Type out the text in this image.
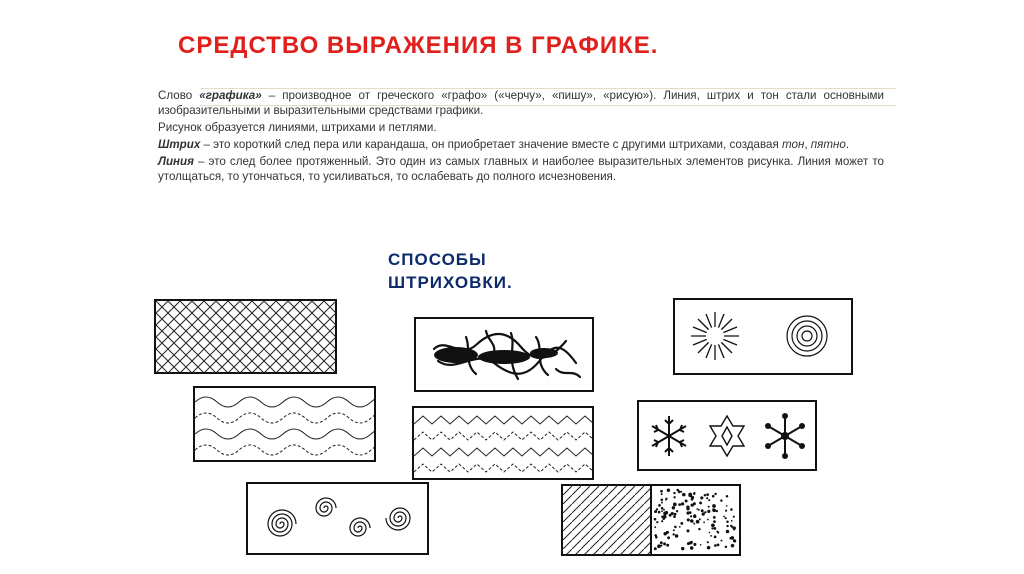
СРЕДСТВО ВЫРАЖЕНИЯ В ГРАФИКЕ.

Слово «графика» – производное от греческого «графо» («черчу», «пишу», «рисую»). Линия, штрих и тон стали основными изобразительными и выразительными средствами графики.

Рисунок образуется линиями, штрихами и петлями.

Штрих – это короткий след пера или карандаша, он приобретает значение вместе с другими штрихами, создавая тон, пятно.

Линия – это след более протяженный. Это один из самых главных и наиболее выразительных элементов рисунка. Линия может то утолщаться, то утончаться, то усиливаться, то ослабевать до полного исчезновения.

СПОСОБЫ
ШТРИХОВКИ.
